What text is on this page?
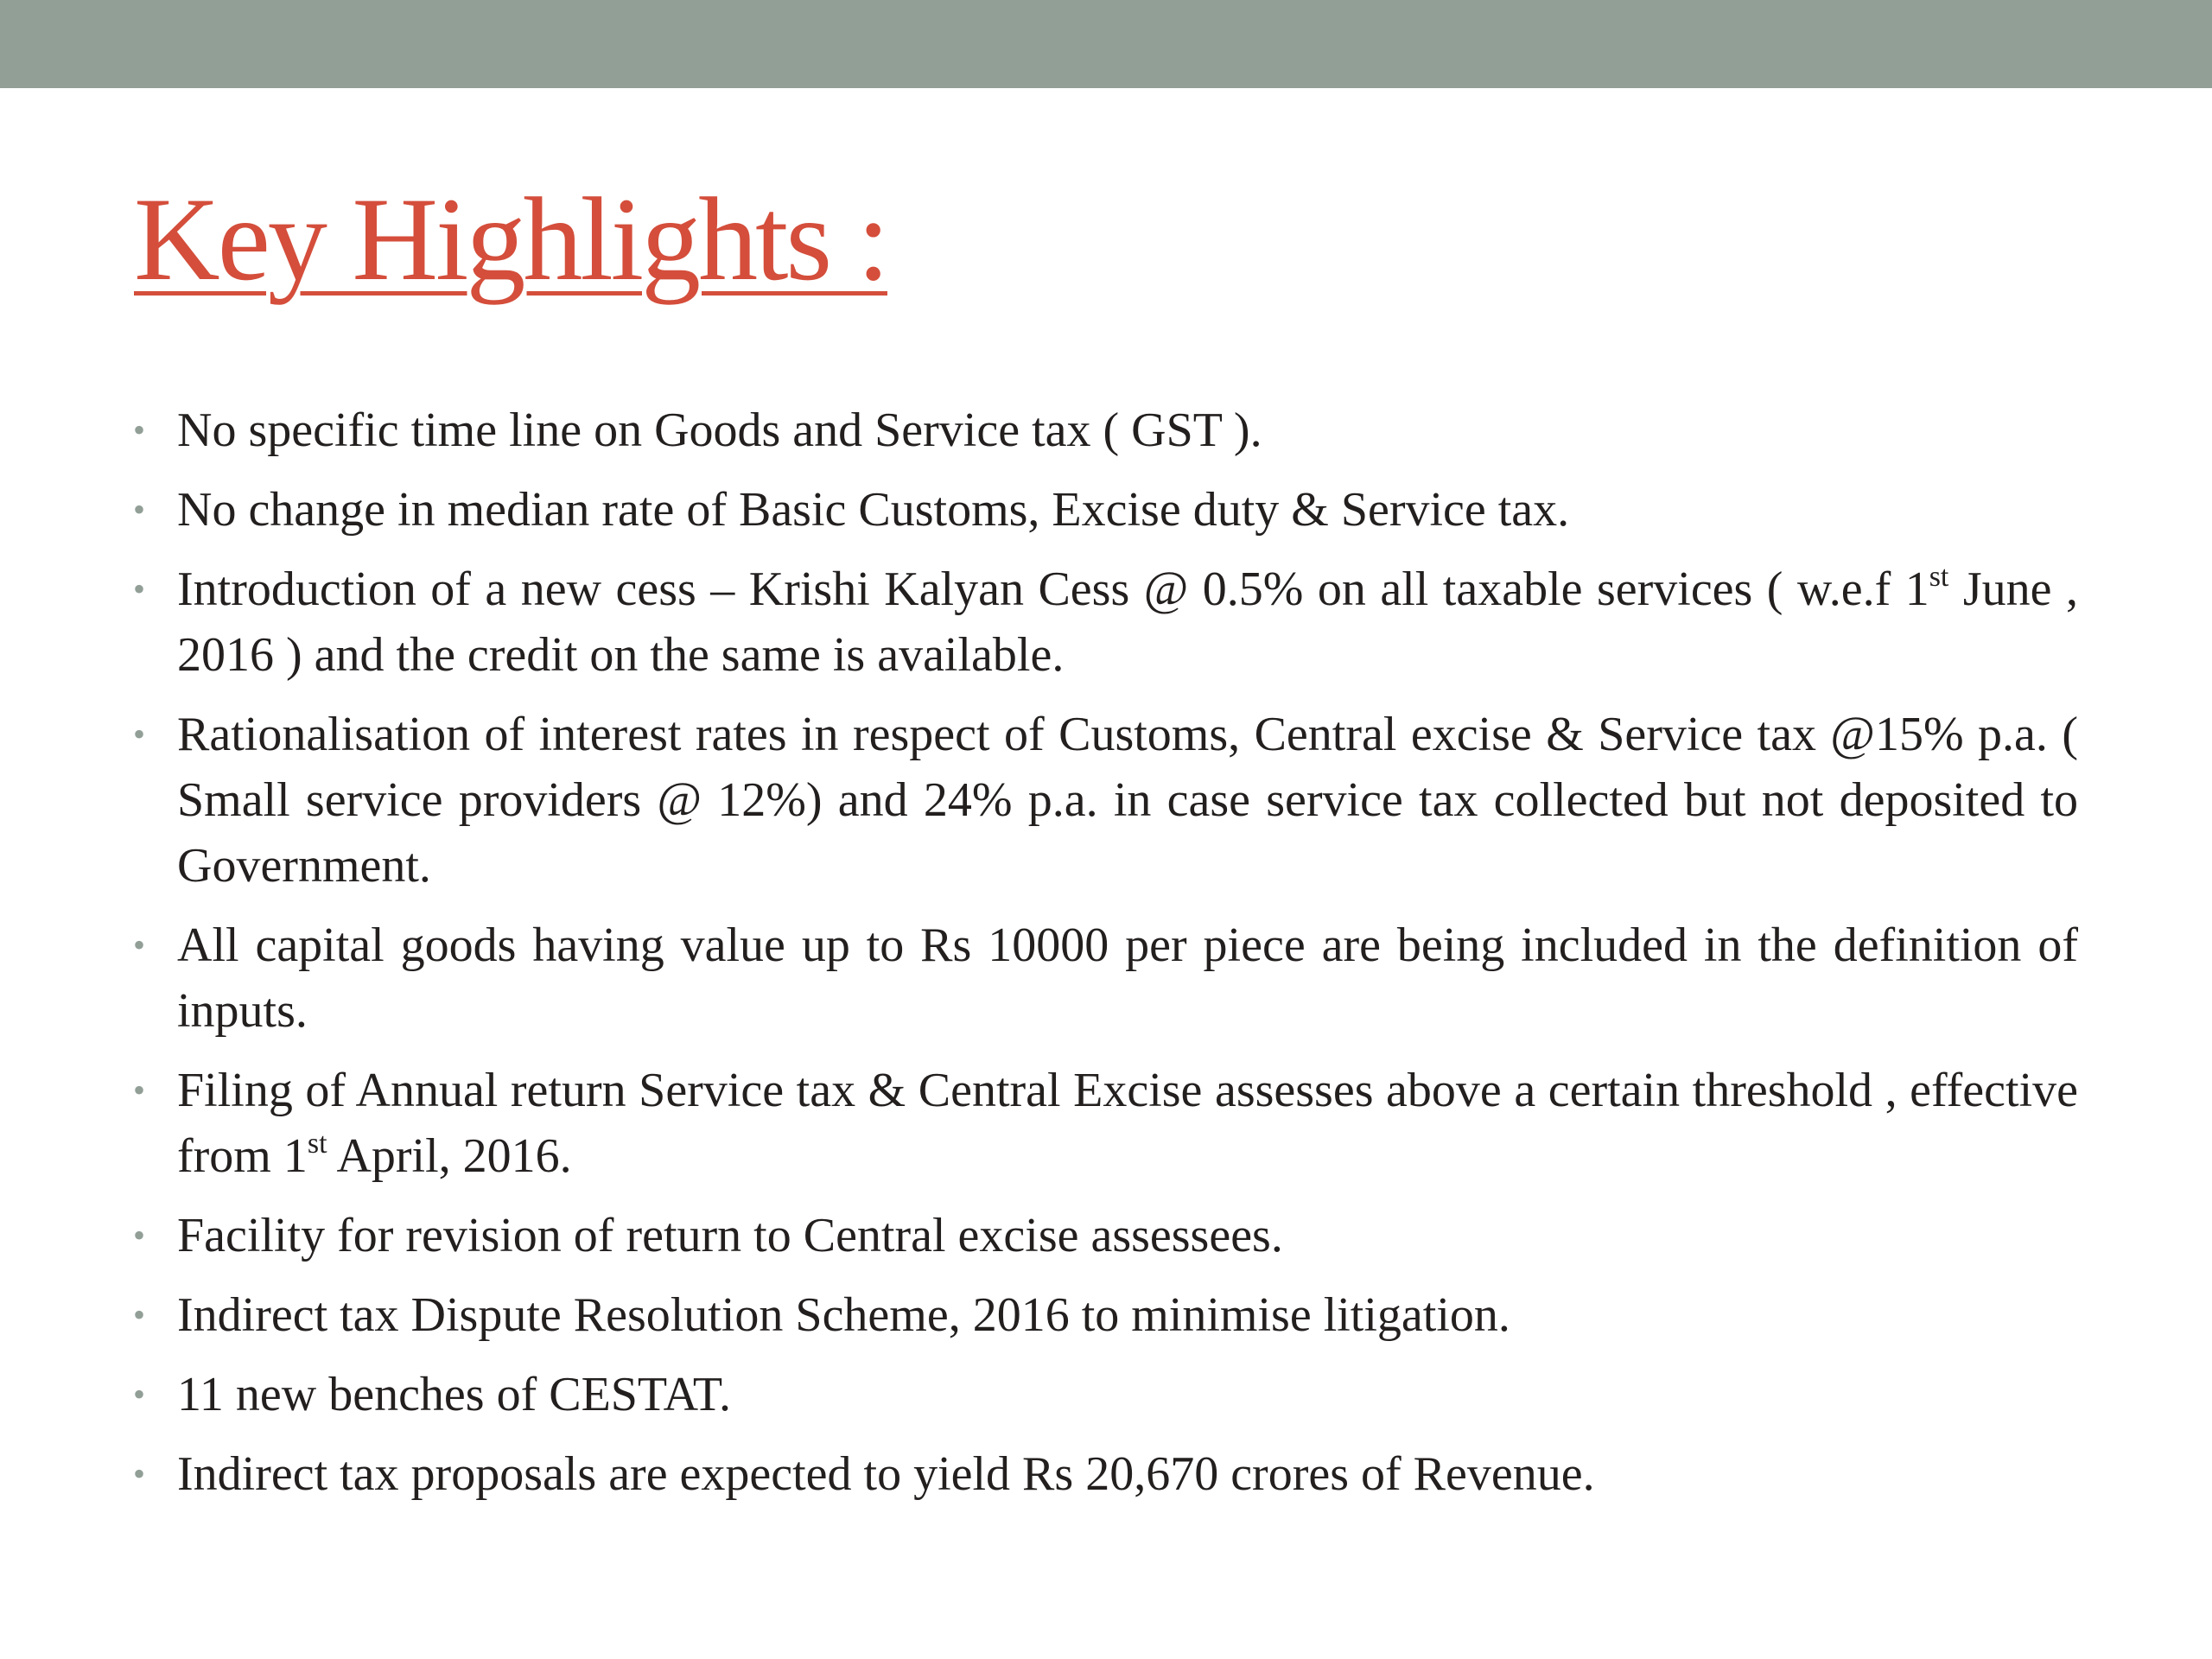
Key Highlights :
• No specific time line on Goods and Service tax ( GST ).
• No change in median rate of Basic Customs, Excise duty & Service tax.
• Introduction of a new cess – Krishi Kalyan Cess @ 0.5% on all taxable services ( w.e.f 1st June , 2016 ) and the credit on the same is available.
• Rationalisation of interest rates in respect of Customs, Central excise & Service tax @15% p.a. ( Small service providers @ 12%) and 24% p.a. in case service tax collected but not deposited to Government.
• All capital goods having value up to Rs 10000 per piece are being included in the definition of inputs.
• Filing of Annual return Service tax & Central Excise assesses above a certain threshold , effective from 1st April, 2016.
• Facility for revision of return to Central excise assessees.
• Indirect tax Dispute Resolution Scheme, 2016 to minimise litigation.
• 11 new benches of CESTAT.
• Indirect tax proposals are expected to yield Rs 20,670 crores of Revenue.
